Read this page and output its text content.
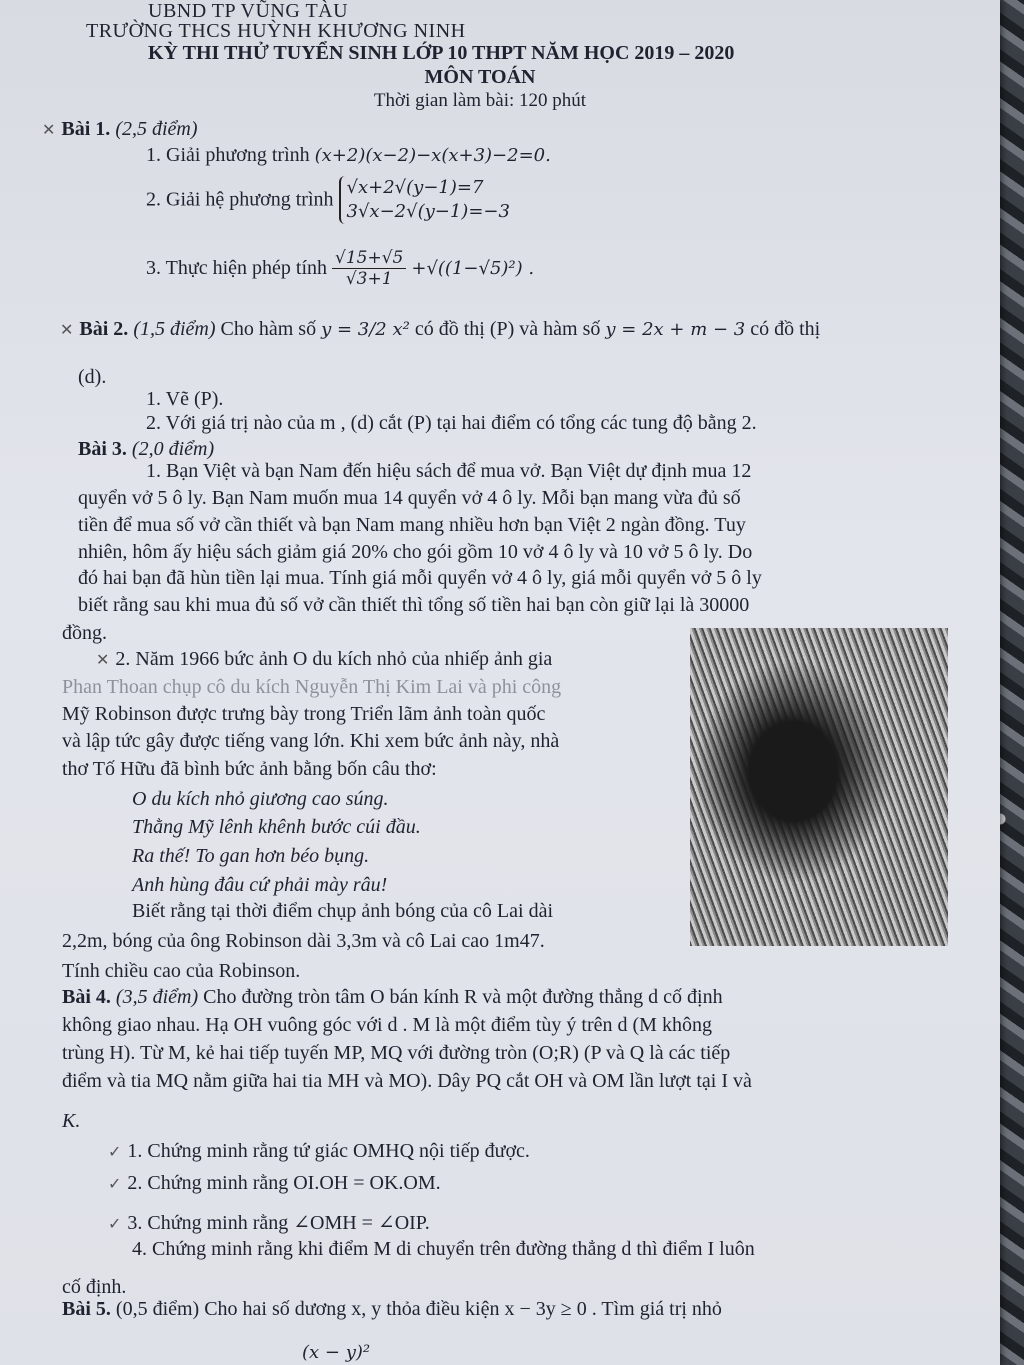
UBND TP VŨNG TÀU
TRƯỜNG THCS HUỲNH KHƯƠNG NINH
KỲ THI THỬ TUYỂN SINH LỚP 10 THPT NĂM HỌC 2019 – 2020
MÔN TOÁN
Thời gian làm bài: 120 phút
✕ Bài 1. (2,5 điểm)
1. Giải phương trình (x+2)(x−2)−x(x+3)−2=0.
2. Giải hệ phương trình
√x+2√(y−1)=7
3√x−2√(y−1)=−3
3. Thực hiện phép tính $\frac{√15+√5}{√3+1} +√((1-√5)^2)$ .
✕ Bài 2. (1,5 điểm) Cho hàm số y = 3/2 x² có đồ thị (P) và hàm số y = 2x + m − 3 có đồ thị
(d).
1. Vẽ (P).
2. Với giá trị nào của m , (d) cắt (P) tại hai điểm có tổng các tung độ bằng 2.
Bài 3. (2,0 điểm)
1. Bạn Việt và bạn Nam đến hiệu sách để mua vở. Bạn Việt dự định mua 12
quyển vở 5 ô ly. Bạn Nam muốn mua 14 quyển vở 4 ô ly. Mỗi bạn mang vừa đủ số
tiền để mua số vở cần thiết và bạn Nam mang nhiều hơn bạn Việt 2 ngàn đồng. Tuy
nhiên, hôm ấy hiệu sách giảm giá 20% cho gói gồm 10 vở 4 ô ly và 10 vở 5 ô ly. Do
đó hai bạn đã hùn tiền lại mua. Tính giá mỗi quyển vở 4 ô ly, giá mỗi quyển vở 5 ô ly
biết rằng sau khi mua đủ số vở cần thiết thì tổng số tiền hai bạn còn giữ lại là 30000
đồng.
✕ 2. Năm 1966 bức ảnh O du kích nhỏ của nhiếp ảnh gia
Phan Thoan chụp cô du kích Nguyễn Thị Kim Lai và phi công
Mỹ Robinson được trưng bày trong Triển lãm ảnh toàn quốc
và lập tức gây được tiếng vang lớn. Khi xem bức ảnh này, nhà
thơ Tố Hữu đã bình bức ảnh bằng bốn câu thơ:
O du kích nhỏ giương cao súng.
Thằng Mỹ lênh khênh bước cúi đầu.
Ra thế! To gan hơn béo bụng.
Anh hùng đâu cứ phải mày râu!
Biết rằng tại thời điểm chụp ảnh bóng của cô Lai dài
2,2m, bóng của ông Robinson dài 3,3m và cô Lai cao 1m47.
Tính chiều cao của Robinson.
Bài 4. (3,5 điểm) Cho đường tròn tâm O bán kính R và một đường thẳng d cố định
không giao nhau. Hạ OH vuông góc với d . M là một điểm tùy ý trên d (M không
trùng H). Từ M, kẻ hai tiếp tuyến MP, MQ với đường tròn (O;R) (P và Q là các tiếp
điểm và tia MQ nằm giữa hai tia MH và MO). Dây PQ cắt OH và OM lần lượt tại I và
K.
✓ 1. Chứng minh rằng tứ giác OMHQ nội tiếp được.
✓ 2. Chứng minh rằng OI.OH = OK.OM.
✓ 3. Chứng minh rằng ∠OMH = ∠OIP.
4. Chứng minh rằng khi điểm M di chuyển trên đường thẳng d thì điểm I luôn
cố định.
Bài 5. (0,5 điểm) Cho hai số dương x, y thỏa điều kiện x − 3y ≥ 0 . Tìm giá trị nhỏ
(x − y)²
